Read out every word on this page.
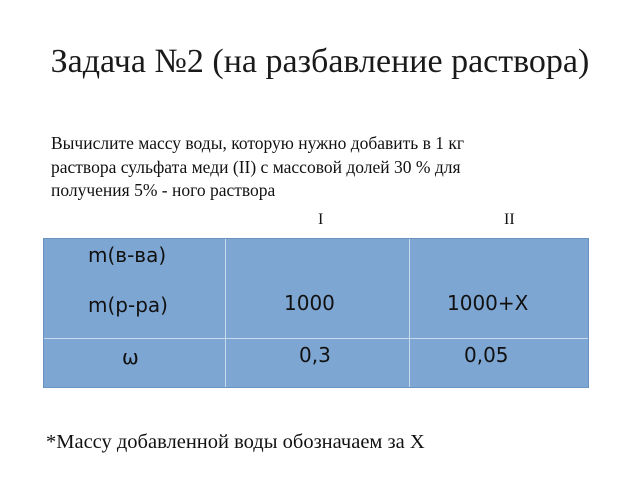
Задача №2 (на разбавление раствора)
Вычислите массу воды, которую нужно добавить в 1 кг
раствора сульфата меди (II) с массовой долей 30 % для
получения 5% - ного раствора
I	II
m(в-ва)
m(р-ра)
ω
1000
0,3
1000+Х
0,05
*Массу добавленной воды обозначаем за Х
